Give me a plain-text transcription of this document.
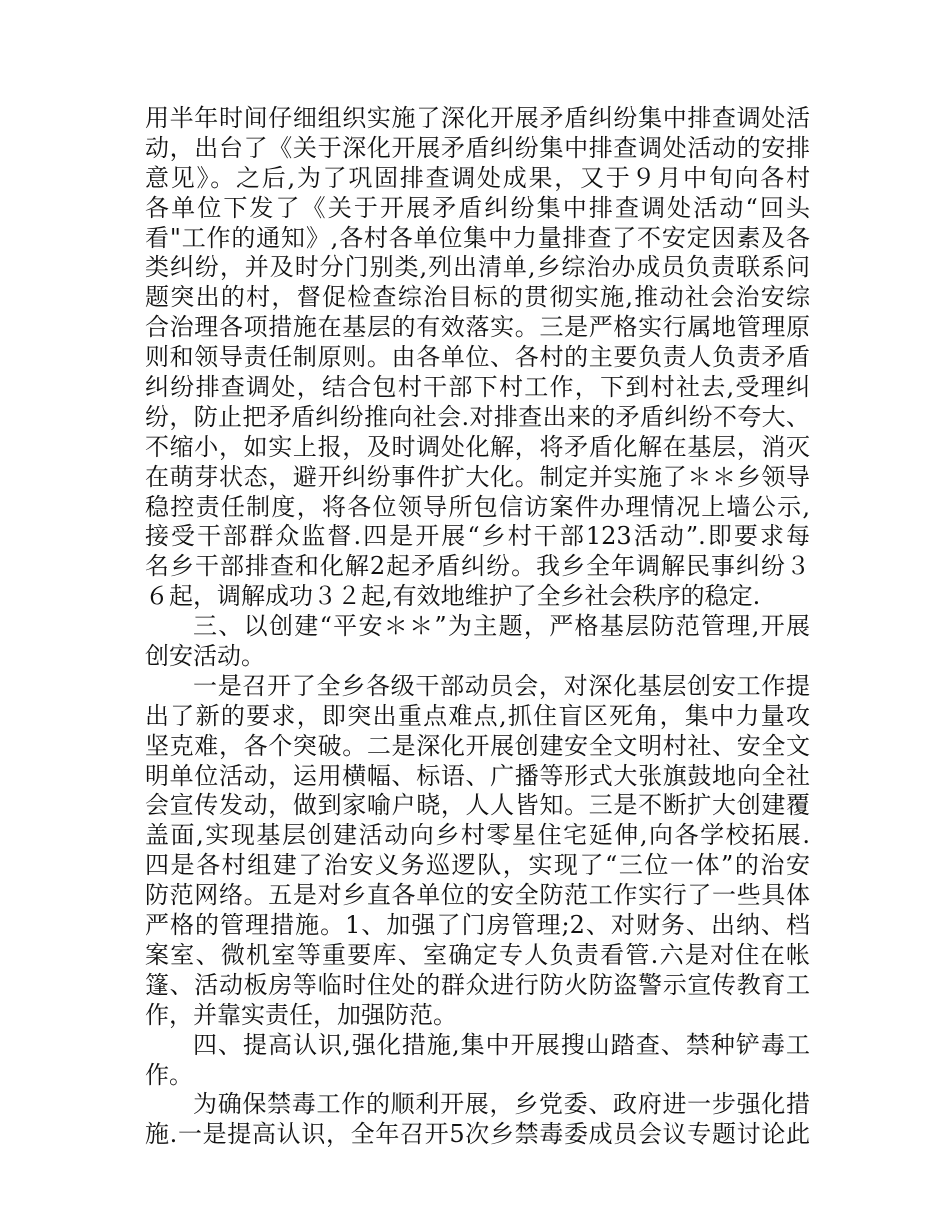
用半年时间仔细组织实施了深化开展矛盾纠纷集中排查调处活
动，出台了《关于深化开展矛盾纠纷集中排查调处活动的安排
意见》。之后,为了巩固排查调处成果，又于９月中旬向各村
各单位下发了《关于开展矛盾纠纷集中排查调处活动“回头
看"工作的通知》,各村各单位集中力量排查了不安定因素及各
类纠纷，并及时分门别类,列出清单,乡综治办成员负责联系问
题突出的村，督促检查综治目标的贯彻实施,推动社会治安综
合治理各项措施在基层的有效落实。三是严格实行属地管理原
则和领导责任制原则。由各单位、各村的主要负责人负责矛盾
纠纷排查调处，结合包村干部下村工作，下到村社去,受理纠
纷，防止把矛盾纠纷推向社会.对排查出来的矛盾纠纷不夸大、
不缩小，如实上报，及时调处化解，将矛盾化解在基层，消灭
在萌芽状态，避开纠纷事件扩大化。制定并实施了＊＊乡领导
稳控责任制度，将各位领导所包信访案件办理情况上墙公示,
接受干部群众监督.四是开展“乡村干部123活动”.即要求每
名乡干部排查和化解2起矛盾纠纷。我乡全年调解民事纠纷３
６起，调解成功３２起,有效地维护了全乡社会秩序的稳定.
三、以创建“平安＊＊”为主题，严格基层防范管理,开展
创安活动。
一是召开了全乡各级干部动员会，对深化基层创安工作提
出了新的要求，即突出重点难点,抓住盲区死角，集中力量攻
坚克难，各个突破。二是深化开展创建安全文明村社、安全文
明单位活动，运用横幅、标语、广播等形式大张旗鼓地向全社
会宣传发动，做到家喻户晓，人人皆知。三是不断扩大创建覆
盖面,实现基层创建活动向乡村零星住宅延伸,向各学校拓展.
四是各村组建了治安义务巡逻队，实现了“三位一体”的治安
防范网络。五是对乡直各单位的安全防范工作实行了一些具体
严格的管理措施。1、加强了门房管理;2、对财务、出纳、档
案室、微机室等重要库、室确定专人负责看管.六是对住在帐
篷、活动板房等临时住处的群众进行防火防盗警示宣传教育工
作，并靠实责任，加强防范。
四、提高认识,强化措施,集中开展搜山踏查、禁种铲毒工
作。
为确保禁毒工作的顺利开展，乡党委、政府进一步强化措
施.一是提高认识，全年召开5次乡禁毒委成员会议专题讨论此
